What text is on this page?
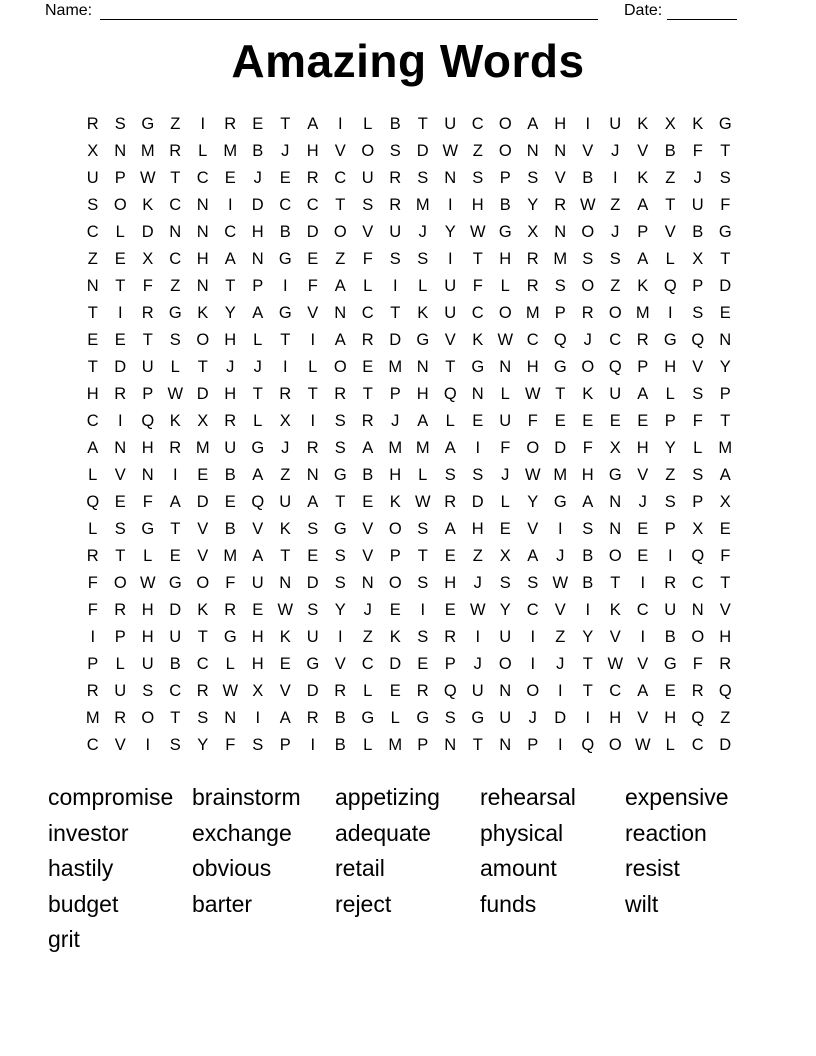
Name:	Date:
Amazing Words
R S G Z	I	R E	T	A	I	L	B	T U C O A H	I	U K X K G
X N M R	L M B	J	H V O S D W Z O N N V	J	V B	F	T
U P W T C E	J	E R C U R S N S P S V B	I	K	Z	J	S
S O K C N	I	D C C	T	S R M	I	H B Y R W Z	A	T U	F
C	L	D N N C H B D O V U	J	Y W G X N O	J	P V B G
Z	E X C H A N G E	Z	F	S S	I	T H R M S S A	L	X	T
N	T	F	Z N	T	P	I	F	A	L	I	L	U	F	L	R S O Z	K Q P D
T	I	R G K Y A G V N C	T	K U C O M P R O M	I	S E
E E	T	S O H	L	T	I	A R D G V K W C Q	J	C R G Q N
T D U	L	T	J	J	I	L O E M N	T G N H G O Q P H V Y
H R P W D H	T R	T R	T	P H Q N	L W T	K U A	L	S P
C	I	Q K X R	L	X	I	S R	J	A	L	E U	F	E E E E P	F	T
A N H R M U G	J	R S A M M A	I	F O D	F	X H Y	L M
L	V N	I	E B A	Z N G B H	L	S S	J W M H G V	Z	S A
Q E	F	A D E Q U A	T	E K W R D	L	Y G A N	J	S P X
L	S G T	V B V K S G V O S A H E V	I	S N E P X E
R	T	L	E V M A	T	E S V P	T	E	Z	X A	J	B O E	I	Q F
F O W G O F U N D S N O S H	J	S S W B	T	I	R C	T
F R H D K R E W S Y	J	E	I	E W Y C V	I	K C U N V
I	P H U	T G H K U	I	Z	K S R	I	U	I	Z	Y V	I	B O H
P	L	U B C	L	H E G V C D E P	J	O	I	J	T W V G F R
R U S C R W X V D R	L	E R Q U N O	I	T C A E R Q
M R O T	S N	I	A R B G L G S G U	J	D	I	H V H Q Z
C V	I	S Y	F	S P	I	B	L M P N	T N P	I	Q O W L	C D
compromise
investor
hastily
budget
grit
brainstorm
exchange
obvious
barter
appetizing
adequate
retail
reject
rehearsal
physical
amount
funds
expensive
reaction
resist
wilt
